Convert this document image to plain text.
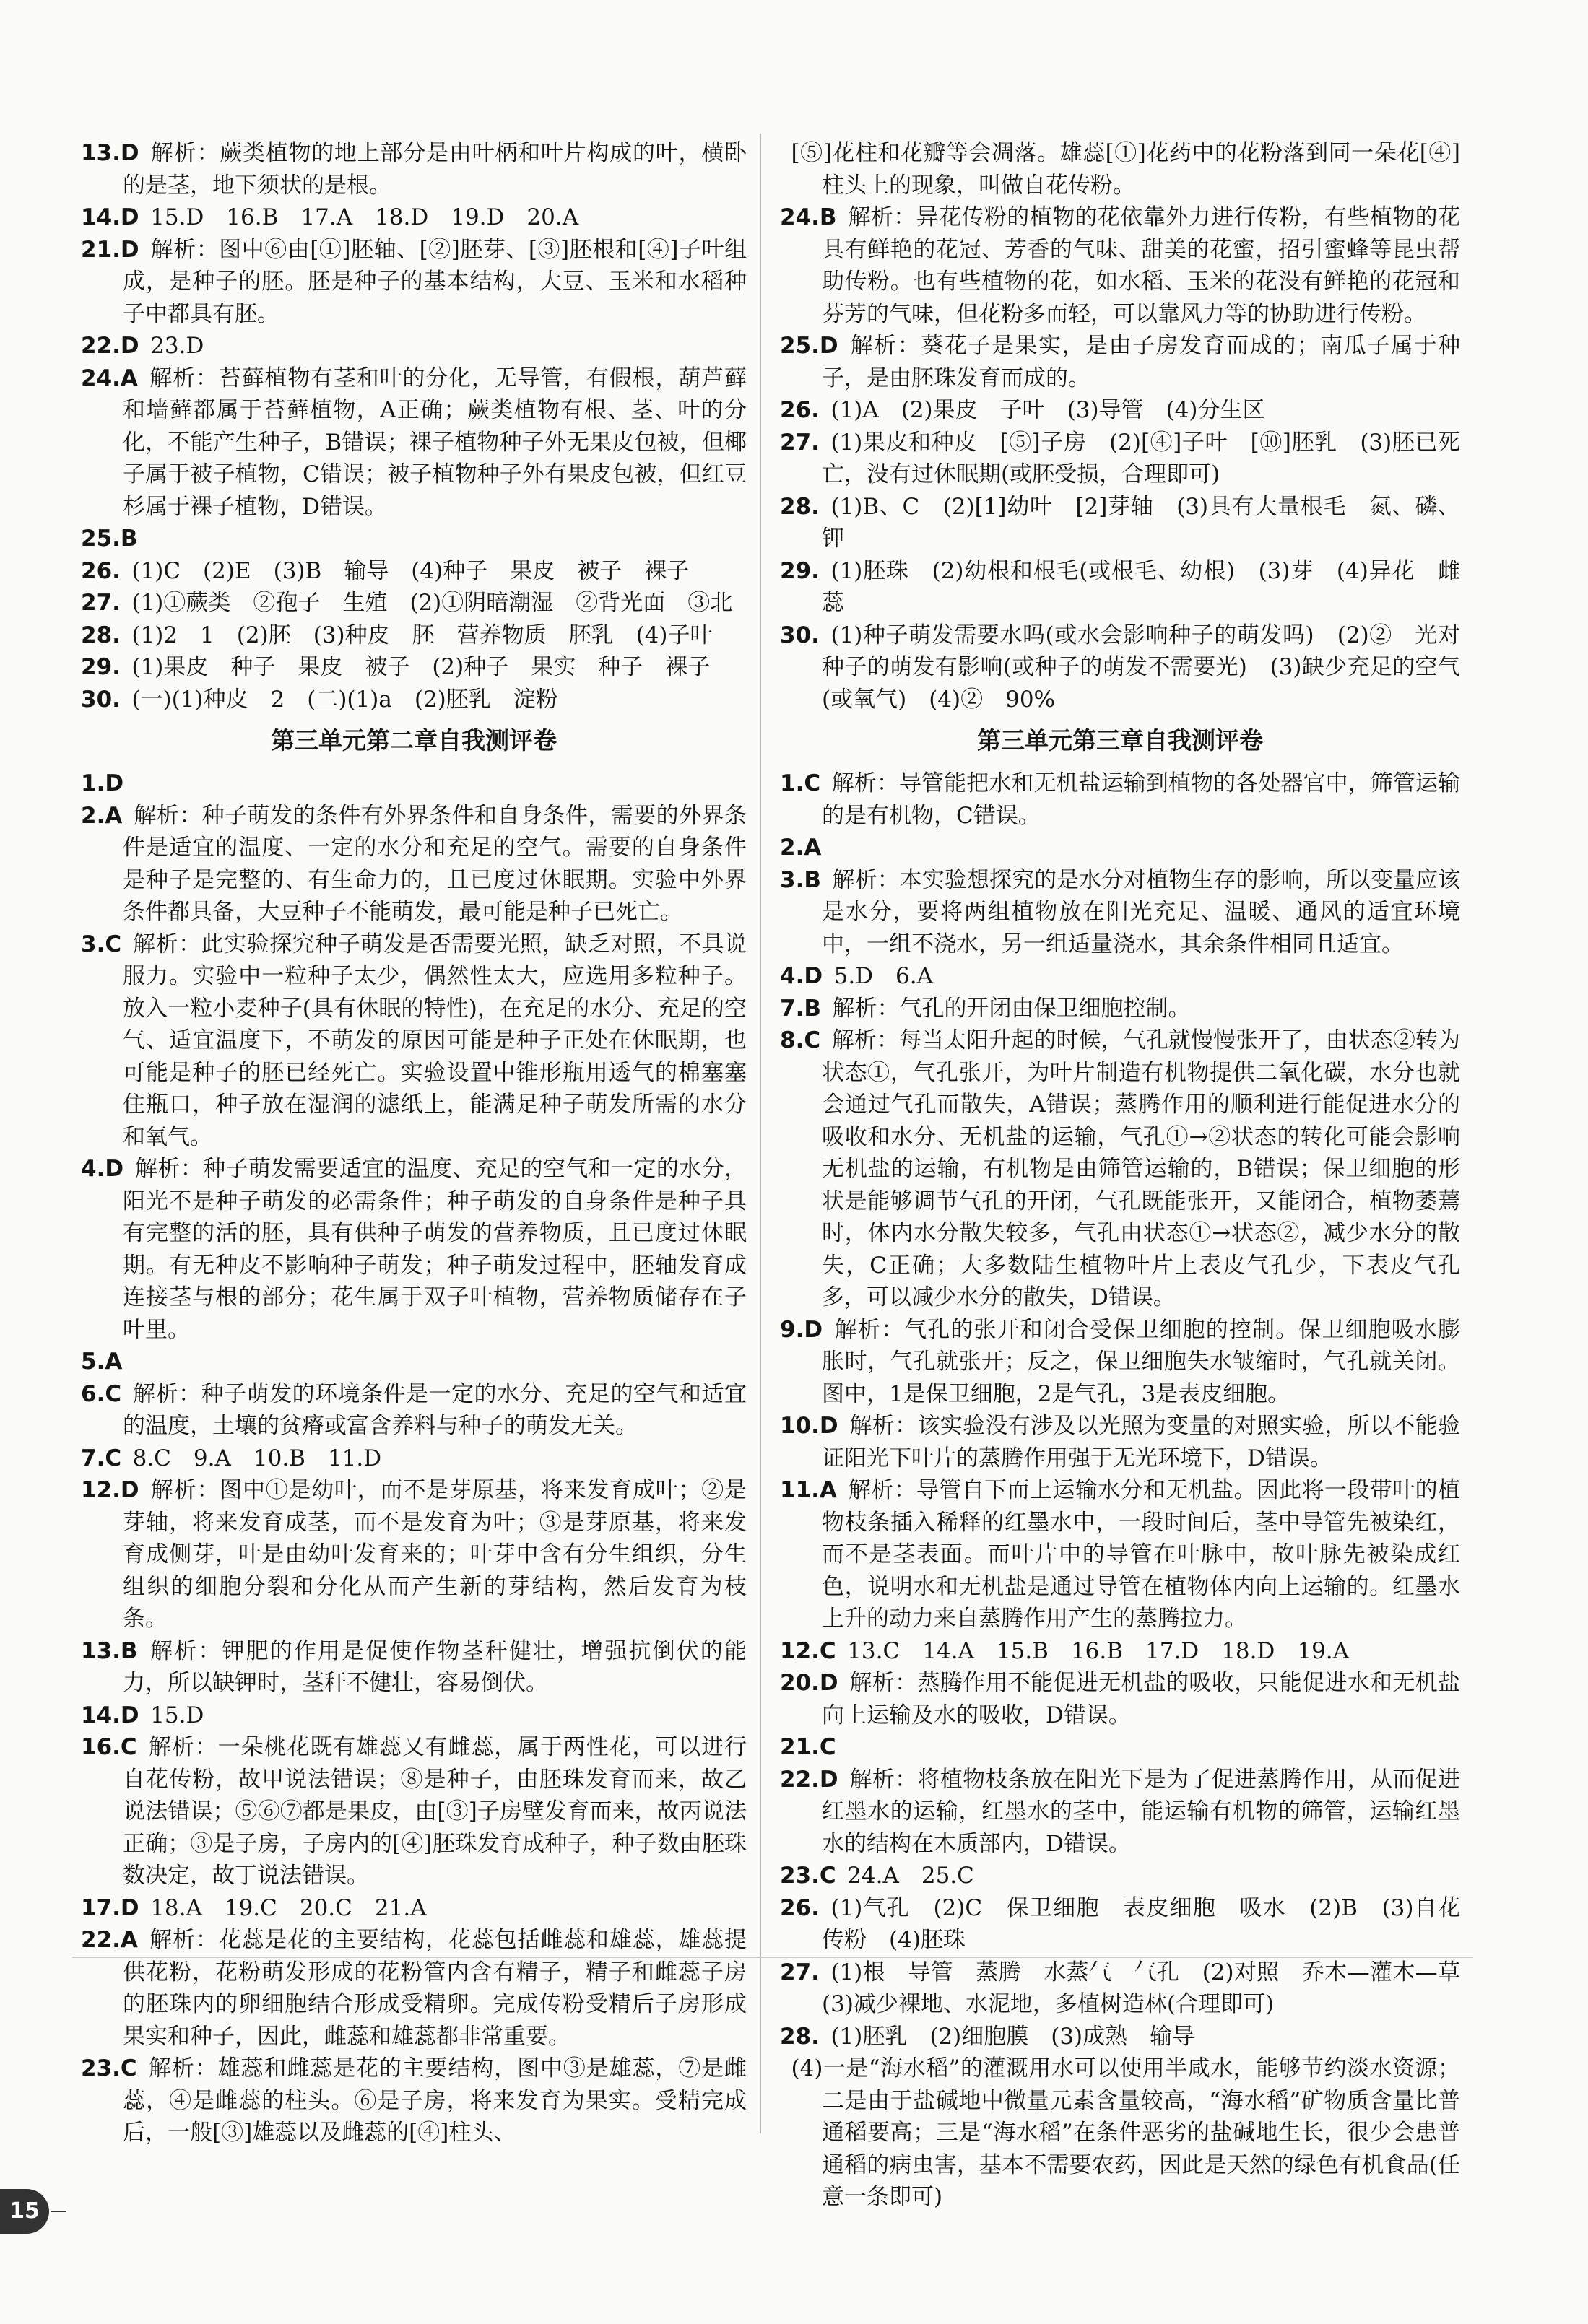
13.D  解析：蕨类植物的地上部分是由叶柄和叶片构成的叶，横卧的是茎，地下须状的是根。
14.D  15.D　16.B　17.A　18.D　19.D　20.A
21.D  解析：图中⑥由[①]胚轴、[②]胚芽、[③]胚根和[④]子叶组成，是种子的胚。胚是种子的基本结构，大豆、玉米和水稻种子中都具有胚。
22.D  23.D
24.A  解析：苔藓植物有茎和叶的分化，无导管，有假根，葫芦藓和墙藓都属于苔藓植物，A正确；蕨类植物有根、茎、叶的分化，不能产生种子，B错误；裸子植物种子外无果皮包被，但椰子属于被子植物，C错误；被子植物种子外有果皮包被，但红豆杉属于裸子植物，D错误。
25.B 
26.  (1)C　(2)E　(3)B　输导　(4)种子　果皮　被子　裸子
27.  (1)①蕨类　②孢子　生殖　(2)①阴暗潮湿　②背光面　③北
28.  (1)2　1　(2)胚　(3)种皮　胚　营养物质　胚乳　(4)子叶
29.  (1)果皮　种子　果皮　被子　(2)种子　果实　种子　裸子
30.  (一)(1)种皮　2　(二)(1)a　(2)胚乳　淀粉
第三单元第二章自我测评卷
1.D 
2.A  解析：种子萌发的条件有外界条件和自身条件，需要的外界条件是适宜的温度、一定的水分和充足的空气。需要的自身条件是种子是完整的、有生命力的，且已度过休眠期。实验中外界条件都具备，大豆种子不能萌发，最可能是种子已死亡。
3.C  解析：此实验探究种子萌发是否需要光照，缺乏对照，不具说服力。实验中一粒种子太少，偶然性太大，应选用多粒种子。放入一粒小麦种子(具有休眠的特性)，在充足的水分、充足的空气、适宜温度下，不萌发的原因可能是种子正处在休眠期，也可能是种子的胚已经死亡。实验设置中锥形瓶用透气的棉塞塞住瓶口，种子放在湿润的滤纸上，能满足种子萌发所需的水分和氧气。
4.D  解析：种子萌发需要适宜的温度、充足的空气和一定的水分，阳光不是种子萌发的必需条件；种子萌发的自身条件是种子具有完整的活的胚，具有供种子萌发的营养物质，且已度过休眠期。有无种皮不影响种子萌发；种子萌发过程中，胚轴发育成连接茎与根的部分；花生属于双子叶植物，营养物质储存在子叶里。
5.A 
6.C  解析：种子萌发的环境条件是一定的水分、充足的空气和适宜的温度，土壤的贫瘠或富含养料与种子的萌发无关。
7.C  8.C　9.A　10.B　11.D
12.D  解析：图中①是幼叶，而不是芽原基，将来发育成叶；②是芽轴，将来发育成茎，而不是发育为叶；③是芽原基，将来发育成侧芽，叶是由幼叶发育来的；叶芽中含有分生组织，分生组织的细胞分裂和分化从而产生新的芽结构，然后发育为枝条。
13.B  解析：钾肥的作用是促使作物茎秆健壮，增强抗倒伏的能力，所以缺钾时，茎秆不健壮，容易倒伏。
14.D  15.D
16.C  解析：一朵桃花既有雄蕊又有雌蕊，属于两性花，可以进行自花传粉，故甲说法错误；⑧是种子，由胚珠发育而来，故乙说法错误；⑤⑥⑦都是果皮，由[③]子房壁发育而来，故丙说法正确；③是子房，子房内的[④]胚珠发育成种子，种子数由胚珠数决定，故丁说法错误。
17.D  18.A　19.C　20.C　21.A
22.A  解析：花蕊是花的主要结构，花蕊包括雌蕊和雄蕊，雄蕊提供花粉，花粉萌发形成的花粉管内含有精子，精子和雌蕊子房的胚珠内的卵细胞结合形成受精卵。完成传粉受精后子房形成果实和种子，因此，雌蕊和雄蕊都非常重要。
23.C  解析：雄蕊和雌蕊是花的主要结构，图中③是雄蕊，⑦是雌蕊，④是雌蕊的柱头。⑥是子房，将来发育为果实。受精完成后，一般[③]雄蕊以及雌蕊的[④]柱头、
 [⑤]花柱和花瓣等会凋落。雄蕊[①]花药中的花粉落到同一朵花[④]柱头上的现象，叫做自花传粉。
24.B  解析：异花传粉的植物的花依靠外力进行传粉，有些植物的花具有鲜艳的花冠、芳香的气味、甜美的花蜜，招引蜜蜂等昆虫帮助传粉。也有些植物的花，如水稻、玉米的花没有鲜艳的花冠和芬芳的气味，但花粉多而轻，可以靠风力等的协助进行传粉。
25.D  解析：葵花子是果实，是由子房发育而成的；南瓜子属于种子，是由胚珠发育而成的。
26.  (1)A　(2)果皮　子叶　(3)导管　(4)分生区
27.  (1)果皮和种皮　[⑤]子房　(2)[④]子叶　[⑩]胚乳　(3)胚已死亡，没有过休眠期(或胚受损，合理即可)
28.  (1)B、C　(2)[1]幼叶　[2]芽轴　(3)具有大量根毛　氮、磷、钾
29.  (1)胚珠　(2)幼根和根毛(或根毛、幼根)　(3)芽　(4)异花　雌蕊
30.  (1)种子萌发需要水吗(或水会影响种子的萌发吗)　(2)②　光对种子的萌发有影响(或种子的萌发不需要光)　(3)缺少充足的空气(或氧气)　(4)②　90%
第三单元第三章自我测评卷
1.C  解析：导管能把水和无机盐运输到植物的各处器官中，筛管运输的是有机物，C错误。
2.A 
3.B  解析：本实验想探究的是水分对植物生存的影响，所以变量应该是水分，要将两组植物放在阳光充足、温暖、通风的适宜环境中，一组不浇水，另一组适量浇水，其余条件相同且适宜。
4.D  5.D　6.A
7.B  解析：气孔的开闭由保卫细胞控制。
8.C  解析：每当太阳升起的时候，气孔就慢慢张开了，由状态②转为状态①，气孔张开，为叶片制造有机物提供二氧化碳，水分也就会通过气孔而散失，A错误；蒸腾作用的顺利进行能促进水分的吸收和水分、无机盐的运输，气孔①→②状态的转化可能会影响无机盐的运输，有机物是由筛管运输的，B错误；保卫细胞的形状是能够调节气孔的开闭，气孔既能张开，又能闭合，植物萎蔫时，体内水分散失较多，气孔由状态①→状态②，减少水分的散失，C正确；大多数陆生植物叶片上表皮气孔少，下表皮气孔多，可以减少水分的散失，D错误。
9.D  解析：气孔的张开和闭合受保卫细胞的控制。保卫细胞吸水膨胀时，气孔就张开；反之，保卫细胞失水皱缩时，气孔就关闭。图中，1是保卫细胞，2是气孔，3是表皮细胞。
10.D  解析：该实验没有涉及以光照为变量的对照实验，所以不能验证阳光下叶片的蒸腾作用强于无光环境下，D错误。
11.A  解析：导管自下而上运输水分和无机盐。因此将一段带叶的植物枝条插入稀释的红墨水中，一段时间后，茎中导管先被染红，而不是茎表面。而叶片中的导管在叶脉中，故叶脉先被染成红色，说明水和无机盐是通过导管在植物体内向上运输的。红墨水上升的动力来自蒸腾作用产生的蒸腾拉力。
12.C  13.C　14.A　15.B　16.B　17.D　18.D　19.A
20.D  解析：蒸腾作用不能促进无机盐的吸收，只能促进水和无机盐向上运输及水的吸收，D错误。
21.C 
22.D  解析：将植物枝条放在阳光下是为了促进蒸腾作用，从而促进红墨水的运输，红墨水的茎中，能运输有机物的筛管，运输红墨水的结构在木质部内，D错误。
23.C  24.A　25.C
26.  (1)气孔　(2)C　保卫细胞　表皮细胞　吸水　(2)B　(3)自花传粉　(4)胚珠
27.  (1)根　导管　蒸腾　水蒸气　气孔　(2)对照　乔木—灌木—草　(3)减少裸地、水泥地，多植树造林(合理即可)
28.  (1)胚乳　(2)细胞膜　(3)成熟　输导
 (4)一是“海水稻”的灌溉用水可以使用半咸水，能够节约淡水资源；二是由于盐碱地中微量元素含量较高，“海水稻”矿物质含量比普通稻要高；三是“海水稻”在条件恶劣的盐碱地生长，很少会患普通稻的病虫害，基本不需要农药，因此是天然的绿色有机食品(任意一条即可)
15
